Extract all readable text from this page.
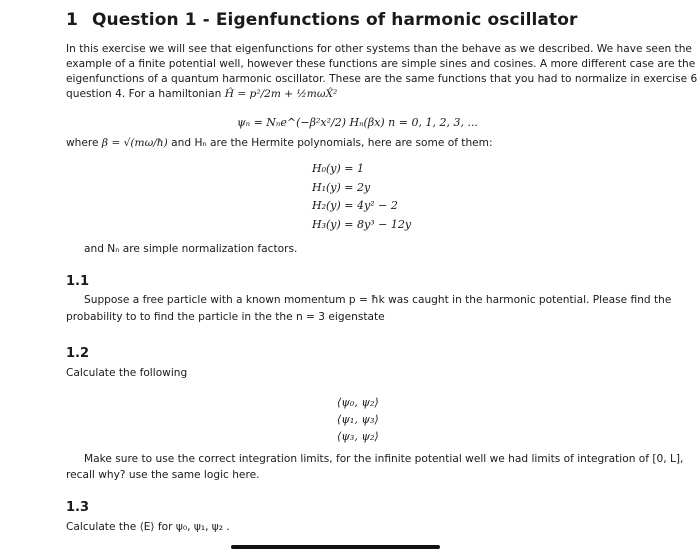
1 Question 1 - Eigenfunctions of harmonic oscillator
In this exercise we will see that eigenfunctions for other systems than the behave as we described. We have seen the
example of a finite potential well, however these functions are simple sines and cosines. A more different case are the
eigenfunctions of a quantum harmonic oscillator. These are the same functions that you had to normalize in exercise 6
question 4. For a hamiltonian Ĥ = p²/2m + ½mωX̂²
ψₙ = Nₙe^(−β²x²/2) Hₙ(βx) n = 0, 1, 2, 3, ...
where β = √(mω/ħ) and Hₙ are the Hermite polynomials, here are some of them:
H₀(y) = 1
H₁(y) = 2y
H₂(y) = 4y² − 2
H₃(y) = 8y³ − 12y
and Nₙ are simple normalization factors.
1.1
Suppose a free particle with a known momentum p = ħk was caught in the harmonic potential. Please find the
probability to to find the particle in the the n = 3 eigenstate
1.2
Calculate the following
⟨ψ₀, ψ₂⟩
⟨ψ₁, ψ₃⟩
⟨ψ₃, ψ₂⟩
Make sure to use the correct integration limits, for the infinite potential well we had limits of integration of [0, L],
recall why? use the same logic here.
1.3
Calculate the ⟨E⟩ for ψ₀, ψ₁, ψ₂ .
